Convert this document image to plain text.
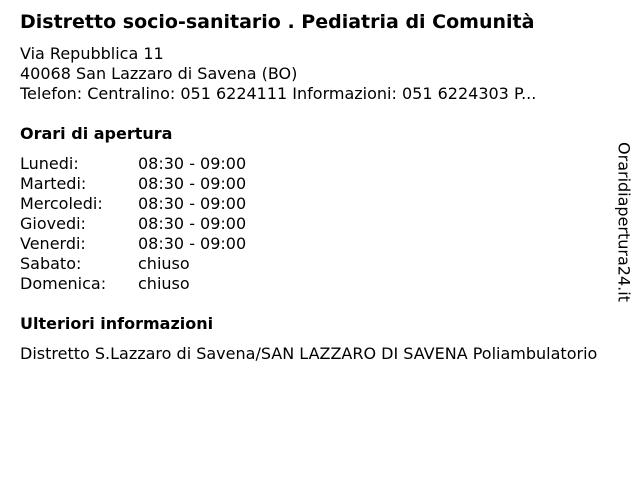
Distretto socio-sanitario . Pediatria di Comunità
Via Repubblica 11
40068 San Lazzaro di Savena (BO)
Telefon: Centralino: 051 6224111 Informazioni: 051 6224303 P...
Orari di apertura
Lunedi:	08:30 - 09:00
Martedi:	08:30 - 09:00
Mercoledi: 08:30 - 09:00
Giovedi:	08:30 - 09:00
Venerdi:	08:30 - 09:00
Sabato:	chiuso
Domenica: chiuso
Ulteriori informazioni
Distretto S.Lazzaro di Savena/SAN LAZZARO DI SAVENA Poliambulatorio
Oraridiapertura24.it
